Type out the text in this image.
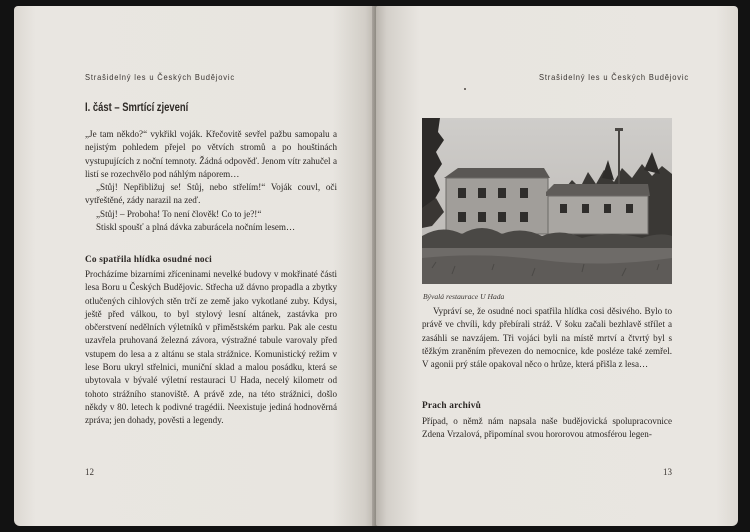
Strašidelný les u Českých Budějovic
I. část – Smrtící zjevení

„Je tam někdo?“ vykřikl voják. Křečovitě sevřel pažbu samopalu a nejistým pohledem přejel po větvích stromů a po houštinách vystupujících z noční temnoty. Žádná odpověď. Jenom vítr zahučel a listí se rozechvělo pod náhlým náporem…

„Stůj! Nepřibližuj se! Stůj, nebo střelím!“ Voják couvl, oči vytřeštěné, zády narazil na zeď.

„Stůj! – Proboha! To není člověk! Co to je?!“

Stiskl spoušť a plná dávka zaburácela nočním lesem…

Co spatřila hlídka osudné noci

Procházíme bizarními zříceninami nevelké budovy v mokřinaté části lesa Boru u Českých Budějovic. Střecha už dávno propadla a zbytky otlučených cihlových stěn trčí ze země jako vykotlané zuby. Kdysi, ještě před válkou, to byl stylový lesní altánek, zastávka pro občerstvení nedělních výletníků v přiměstském parku. Pak ale cestu uzavřela pruhovaná železná závora, výstražné tabule varovaly před vstupem do lesa a z altánu se stala strážnice. Komunistický režim v lese Boru ukryl střelnici, muniční sklad a malou posádku, která se ubytovala v bývalé výletní restauraci U Hada, necelý kilometr od tohoto strážního stanoviště. A právě zde, na této strážnici, došlo někdy v 80. letech k podivné tragédii. Neexistuje jediná hodnověrná zpráva; jen dohady, pověsti a legendy.

12
Strašidelný les u Českých Budějovic
Bývalá restaurace U Hada

Vypráví se, že osudné noci spatřila hlídka cosi děsivého. Bylo to právě ve chvíli, kdy přebírali stráž. V šoku začali bezhlavě střílet a zasáhli se navzájem. Tři vojáci byli na místě mrtví a čtvrtý byl s těžkým zraněním převezen do nemocnice, kde posléze také zemřel. V agonii prý stále opakoval něco o hrůze, která přišla z lesa…

Prach archivů

Případ, o němž nám napsala naše budějovická spolupracovnice Zdena Vrzalová, připomínal svou hororovou atmosférou legen-

13
